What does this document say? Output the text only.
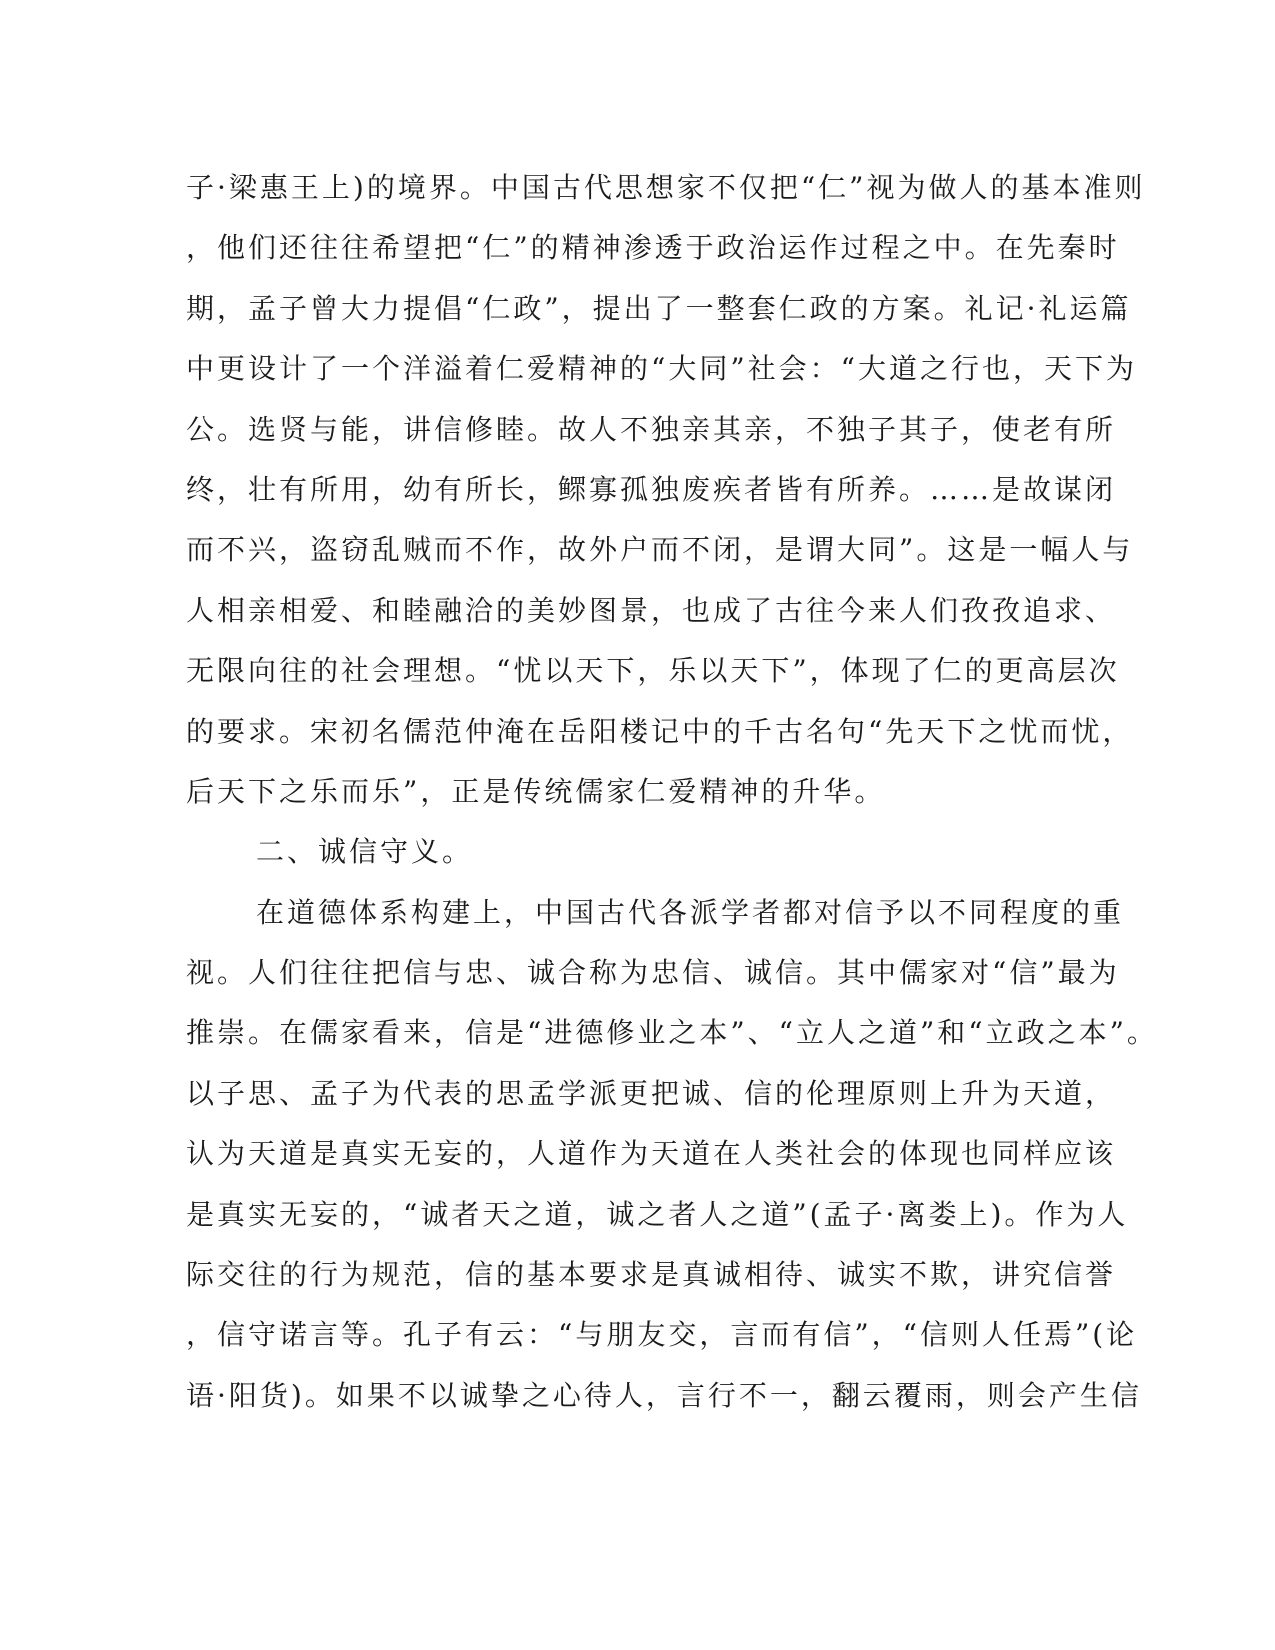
子·梁惠王上)的境界。中国古代思想家不仅把“仁”视为做人的基本准则
，他们还往往希望把“仁”的精神渗透于政治运作过程之中。在先秦时
期，孟子曾大力提倡“仁政”，提出了一整套仁政的方案。礼记·礼运篇
中更设计了一个洋溢着仁爱精神的“大同”社会：“大道之行也，天下为
公。选贤与能，讲信修睦。故人不独亲其亲，不独子其子，使老有所
终，壮有所用，幼有所长，鳏寡孤独废疾者皆有所养。……是故谋闭
而不兴，盗窃乱贼而不作，故外户而不闭，是谓大同”。这是一幅人与
人相亲相爱、和睦融洽的美妙图景，也成了古往今来人们孜孜追求、
无限向往的社会理想。“忧以天下，乐以天下”，体现了仁的更高层次
的要求。宋初名儒范仲淹在岳阳楼记中的千古名句“先天下之忧而忧，
后天下之乐而乐”，正是传统儒家仁爱精神的升华。
二、诚信守义。
在道德体系构建上，中国古代各派学者都对信予以不同程度的重
视。人们往往把信与忠、诚合称为忠信、诚信。其中儒家对“信”最为
推崇。在儒家看来，信是“进德修业之本”、“立人之道”和“立政之本”。
以子思、孟子为代表的思孟学派更把诚、信的伦理原则上升为天道，
认为天道是真实无妄的，人道作为天道在人类社会的体现也同样应该
是真实无妄的，“诚者天之道，诚之者人之道”(孟子·离娄上)。作为人
际交往的行为规范，信的基本要求是真诚相待、诚实不欺，讲究信誉
，信守诺言等。孔子有云：“与朋友交，言而有信”，“信则人任焉”(论
语·阳货)。如果不以诚挚之心待人，言行不一，翻云覆雨，则会产生信
